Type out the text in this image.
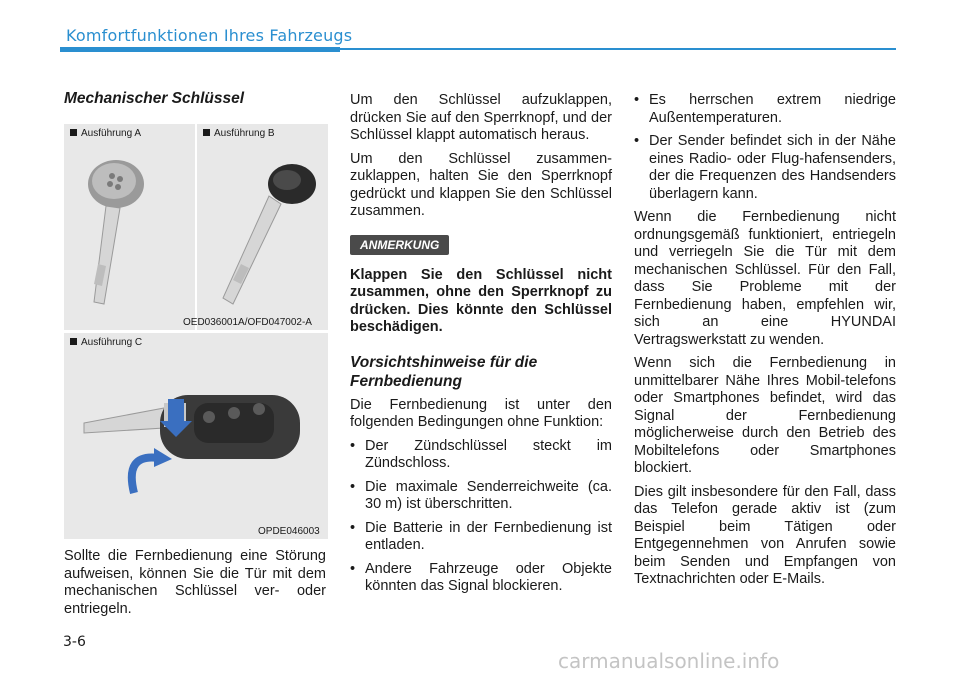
Komfortfunktionen Ihres Fahrzeugs
Mechanischer Schlüssel
Ausführung A	Ausführung B
OED036001A/OFD047002-A
Ausführung C
OPDE046003
Sollte die Fernbedienung eine Störung aufweisen, können Sie die Tür mit dem mechanischen Schlüssel ver- oder entriegeln.

Um den Schlüssel aufzuklappen, drücken Sie auf den Sperrknopf, und der Schlüssel klappt automatisch heraus.

Um den Schlüssel zusammen-zuklappen, halten Sie den Sperrknopf gedrückt und klappen Sie den Schlüssel zusammen.

ANMERKUNG

Klappen Sie den Schlüssel nicht zusammen, ohne den Sperrknopf zu drücken. Dies könnte den Schlüssel beschädigen.

Vorsichtshinweise für die Fernbedienung

Die Fernbedienung ist unter den folgenden Bedingungen ohne Funktion:

• Der Zündschlüssel steckt im Zündschloss.
• Die maximale Senderreichweite (ca. 30 m) ist überschritten.
• Die Batterie in der Fernbedienung ist entladen.
• Andere Fahrzeuge oder Objekte könnten das Signal blockieren.
• Es herrschen extrem niedrige Außentemperaturen.
• Der Sender befindet sich in der Nähe eines Radio- oder Flug-hafensenders, der die Frequenzen des Handsenders überlagern kann.

Wenn die Fernbedienung nicht ordnungsgemäß funktioniert, entriegeln und verriegeln Sie die Tür mit dem mechanischen Schlüssel. Für den Fall, dass Sie Probleme mit der Fernbedienung haben, empfehlen wir, sich an eine HYUNDAI Vertragswerkstatt zu wenden.

Wenn sich die Fernbedienung in unmittelbarer Nähe Ihres Mobil-telefons oder Smartphones befindet, wird das Signal der Fernbedienung möglicherweise durch den Betrieb des Mobiltelefons oder Smartphones blockiert.

Dies gilt insbesondere für den Fall, dass das Telefon gerade aktiv ist (zum Beispiel beim Tätigen oder Entgegennehmen von Anrufen sowie beim Senden und Empfangen von Textnachrichten oder E-Mails.

3-6
carmanualsonline.info
